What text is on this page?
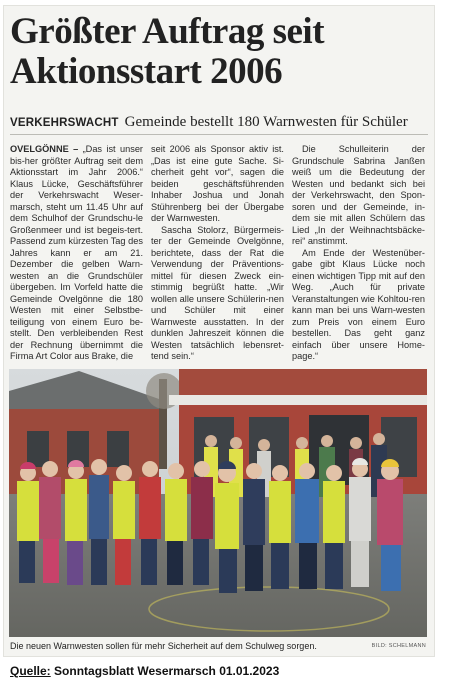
Größter Auftrag seit
Aktionsstart 2006
VERKEHRSWACHT Gemeinde bestellt 180 Warnwesten für Schüler

OVELGÖNNE – „Das ist unser bis-her größter Auftrag seit dem Aktionsstart im Jahr 2006.“ Klaus Lücke, Geschäftsführer der Verkehrswacht Weser-marsch, steht um 11.45 Uhr auf dem Schulhof der Grundschu-le Großenmeer und ist begeis-tert. Passend zum kürzesten Tag des Jahres kann er am 21. Dezember die gelben Warn-westen an die Grundschüler übergeben. Im Vorfeld hatte die Gemeinde Ovelgönne die 180 Westen mit einer Selbstbe-teiligung von einem Euro be-stellt. Den verbleibenden Rest der Rechnung übernimmt die Firma Art Color aus Brake, die

seit 2006 als Sponsor aktiv ist. „Das ist eine gute Sache. Si-cherheit geht vor“, sagen die beiden geschäftsführenden Inhaber Joshua und Jonah Stührenberg bei der Übergabe der Warnwesten.

Sascha Stolorz, Bürgermeis-ter der Gemeinde Ovelgönne, berichtete, dass der Rat die Verwendung der Präventions-mittel für diesen Zweck ein-stimmig begrüßt hatte. „Wir wollen alle unsere Schülerin-nen und Schüler mit einer Warnweste ausstatten. In der dunklen Jahreszeit können die Westen tatsächlich lebensret-tend sein.“

Die Schulleiterin der Grundschule Sabrina Janßen weiß um die Bedeutung der Westen und bedankt sich bei der Verkehrswacht, den Spon-soren und der Gemeinde, in-dem sie mit allen Schülern das Lied „In der Weihnachtsbäcke-rei“ anstimmt.

Am Ende der Westenüber-gabe gibt Klaus Lücke noch einen wichtigen Tipp mit auf den Weg. „Auch für private Veranstaltungen wie Kohltou-ren kann man bei uns Warn-westen zum Preis von einem Euro bestellen. Das geht ganz einfach über unsere Home-page.“

Die neuen Warnwesten sollen für mehr Sicherheit auf dem Schulweg sorgen.	BILD: SCHELMANN
Quelle: Sonntagsblatt Wesermarsch 01.01.2023
